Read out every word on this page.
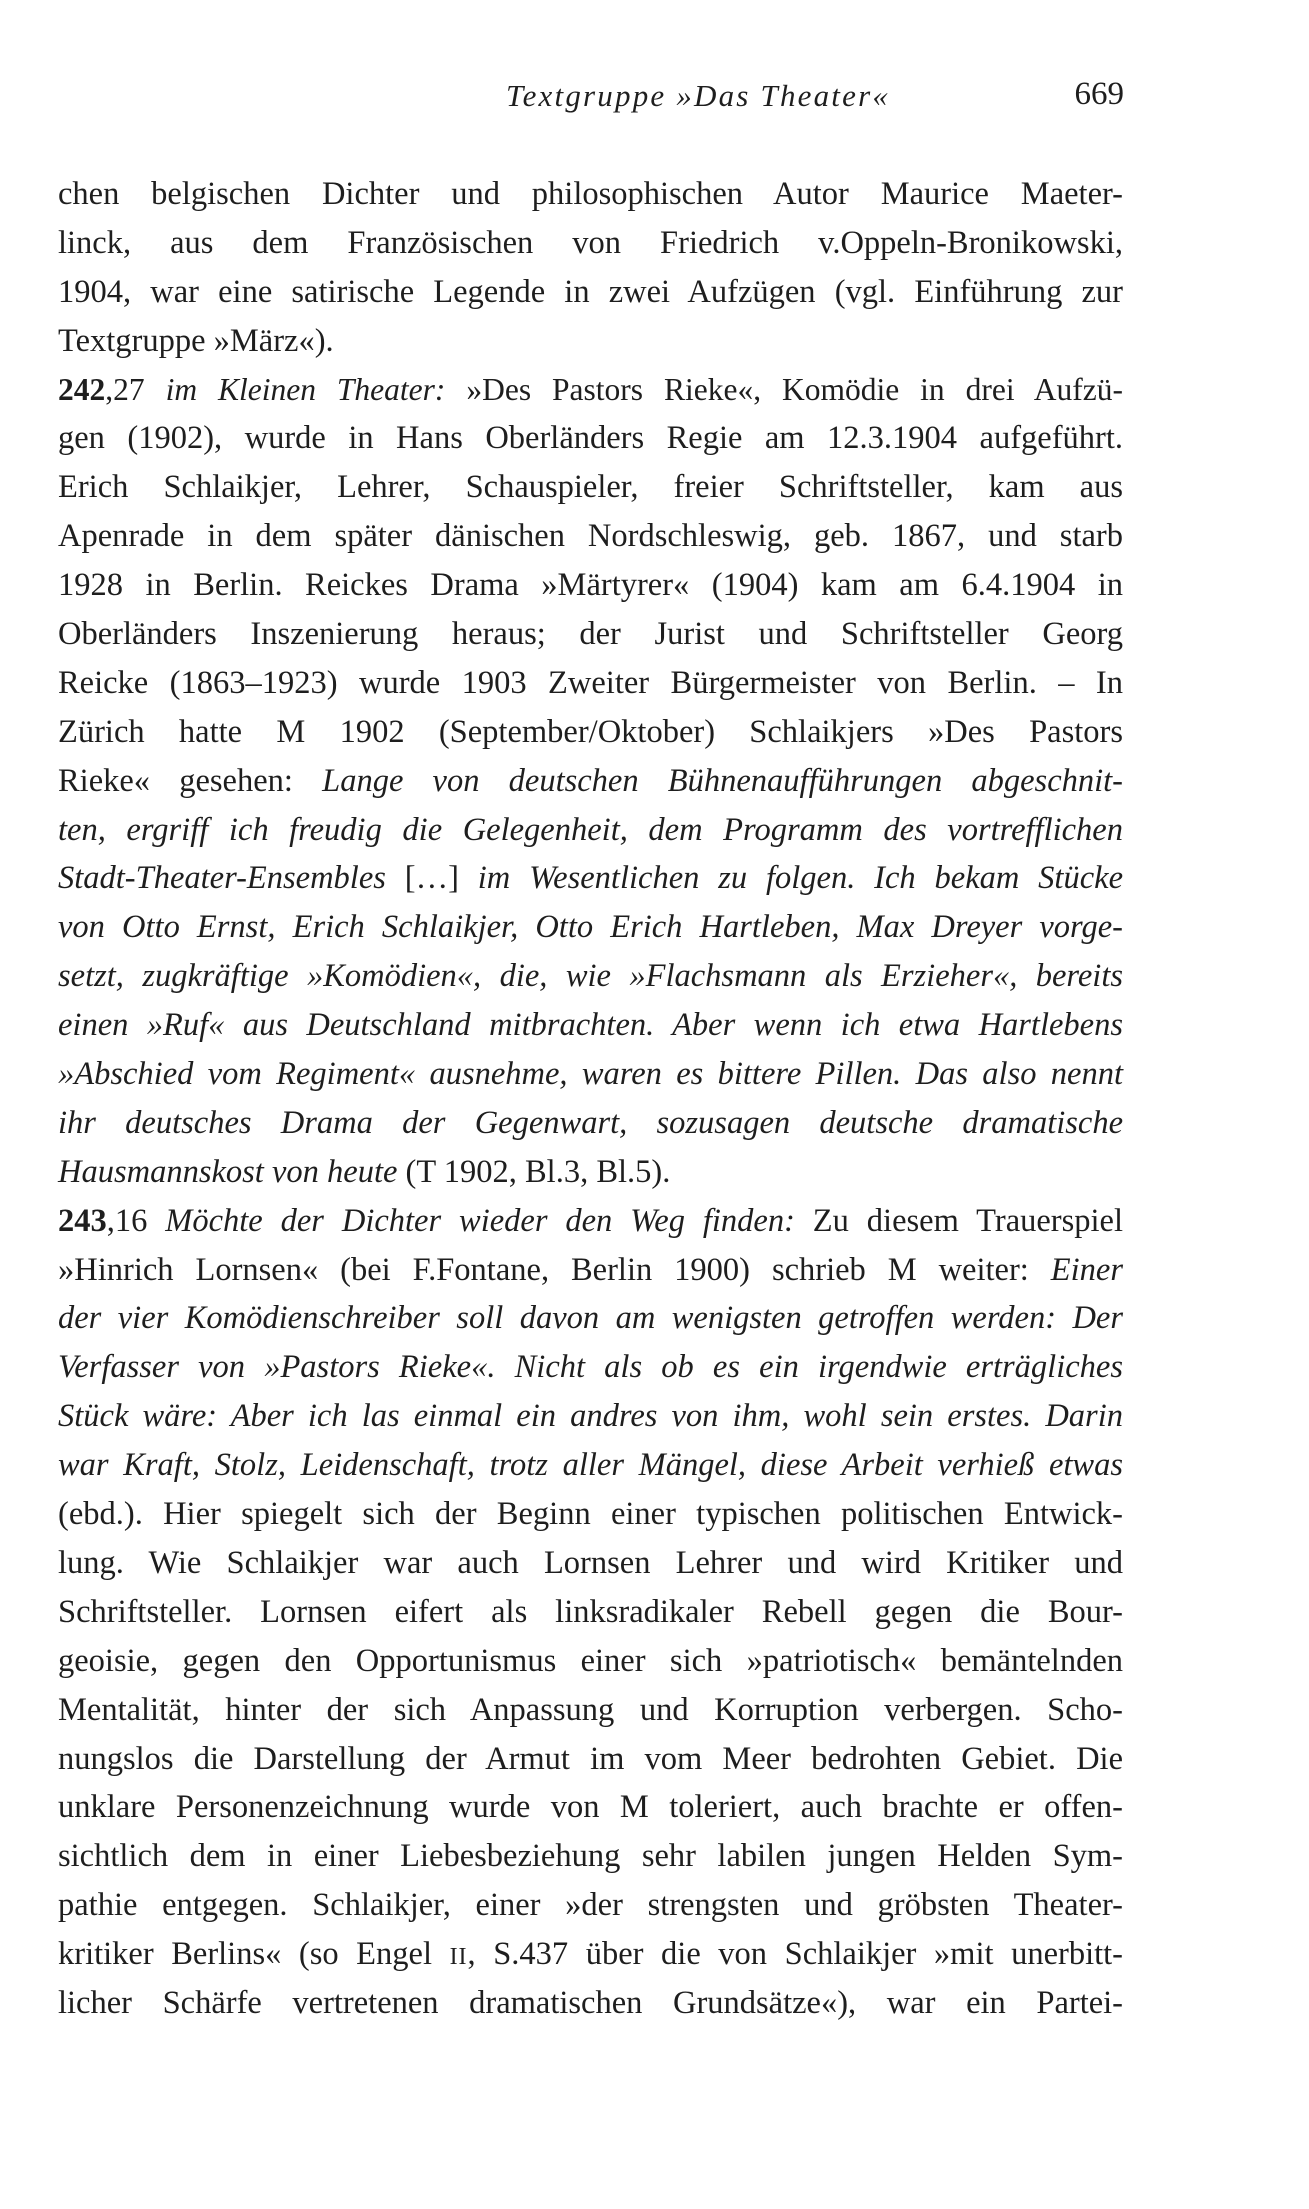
Textgruppe »Das Theater«	669
chen belgischen Dichter und philosophischen Autor Maurice Maeter-
linck, aus dem Französischen von Friedrich v.Oppeln-Bronikowski,
1904, war eine satirische Legende in zwei Aufzügen (vgl. Einführung zur
Textgruppe »März«).
242,27 im Kleinen Theater: »Des Pastors Rieke«, Komödie in drei Aufzü-
gen (1902), wurde in Hans Oberländers Regie am 12.3.1904 aufgeführt.
Erich Schlaikjer, Lehrer, Schauspieler, freier Schriftsteller, kam aus
Apenrade in dem später dänischen Nordschleswig, geb. 1867, und starb
1928 in Berlin. Reickes Drama »Märtyrer« (1904) kam am 6.4.1904 in
Oberländers Inszenierung heraus; der Jurist und Schriftsteller Georg
Reicke (1863–1923) wurde 1903 Zweiter Bürgermeister von Berlin. – In
Zürich hatte M 1902 (September/Oktober) Schlaikjers »Des Pastors
Rieke« gesehen: Lange von deutschen Bühnenaufführungen abgeschnit-
ten, ergriff ich freudig die Gelegenheit, dem Programm des vortrefflichen
Stadt-Theater-Ensembles […] im Wesentlichen zu folgen. Ich bekam Stücke
von Otto Ernst, Erich Schlaikjer, Otto Erich Hartleben, Max Dreyer vorge-
setzt, zugkräftige »Komödien«, die, wie »Flachsmann als Erzieher«, bereits
einen »Ruf« aus Deutschland mitbrachten. Aber wenn ich etwa Hartlebens
»Abschied vom Regiment« ausnehme, waren es bittere Pillen. Das also nennt
ihr deutsches Drama der Gegenwart, sozusagen deutsche dramatische
Hausmannskost von heute (T 1902, Bl.3, Bl.5).
243,16 Möchte der Dichter wieder den Weg finden: Zu diesem Trauerspiel
»Hinrich Lornsen« (bei F.Fontane, Berlin 1900) schrieb M weiter: Einer
der vier Komödienschreiber soll davon am wenigsten getroffen werden: Der
Verfasser von »Pastors Rieke«. Nicht als ob es ein irgendwie erträgliches
Stück wäre: Aber ich las einmal ein andres von ihm, wohl sein erstes. Darin
war Kraft, Stolz, Leidenschaft, trotz aller Mängel, diese Arbeit verhieß etwas
(ebd.). Hier spiegelt sich der Beginn einer typischen politischen Entwick-
lung. Wie Schlaikjer war auch Lornsen Lehrer und wird Kritiker und
Schriftsteller. Lornsen eifert als linksradikaler Rebell gegen die Bour-
geoisie, gegen den Opportunismus einer sich »patriotisch« bemäntelnden
Mentalität, hinter der sich Anpassung und Korruption verbergen. Scho-
nungslos die Darstellung der Armut im vom Meer bedrohten Gebiet. Die
unklare Personenzeichnung wurde von M toleriert, auch brachte er offen-
sichtlich dem in einer Liebesbeziehung sehr labilen jungen Helden Sym-
pathie entgegen. Schlaikjer, einer »der strengsten und gröbsten Theater-
kritiker Berlins« (so Engel II, S.437 über die von Schlaikjer »mit unerbitt-
licher Schärfe vertretenen dramatischen Grundsätze«), war ein Partei-
